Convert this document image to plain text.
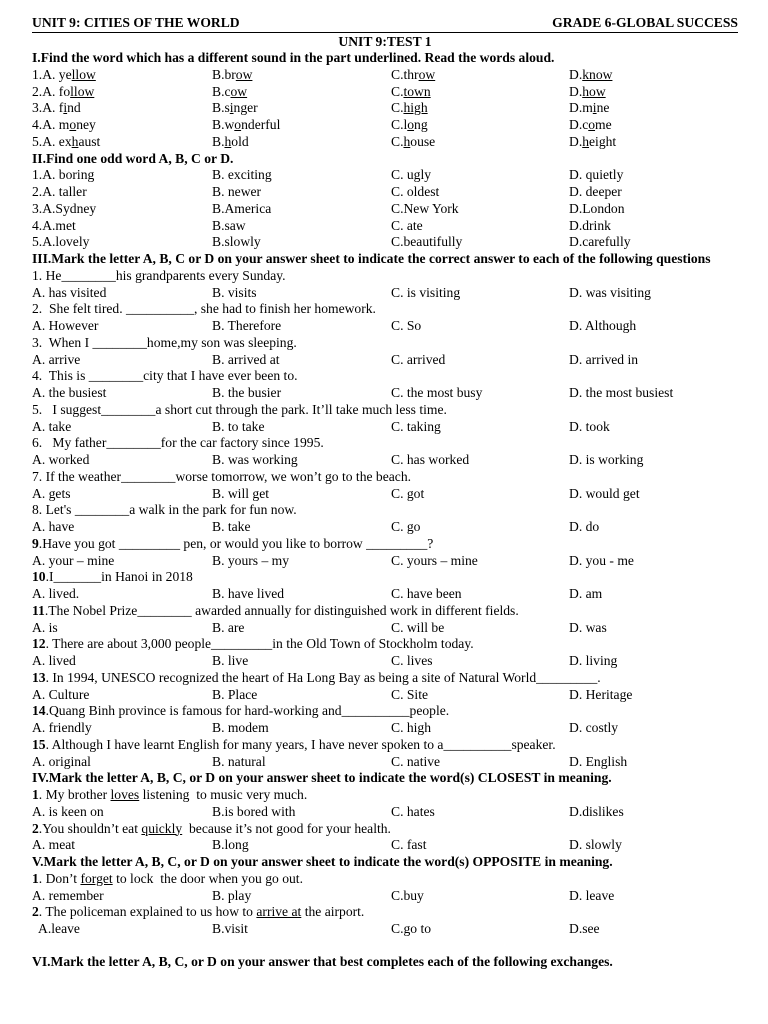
UNIT 9: CITIES OF THE WORLD	GRADE 6-GLOBAL SUCCESS
UNIT 9:TEST 1
I.Find the word which has a different sound in the part underlined. Read the words aloud.
1.A. yellow	B.brow	C.throw	D.know
2.A. follow	B.cow	C.town	D.how
3.A. find	B.singer	C.high	D.mine
4.A. money	B.wonderful	C.long	D.come
5.A. exhaust	B.hold	C.house	D.height
II.Find one odd word A, B, C or D.
1.A. boring	B. exciting	C. ugly	D. quietly
2.A. taller	B. newer	C. oldest	D. deeper
3.A.Sydney	B.America	C.New York	D.London
4.A.met	B.saw	C. ate	D.drink
5.A.lovely	B.slowly	C.beautifully	D.carefully
III.Mark the letter A, B, C or D on your answer sheet to indicate the correct answer to each of the following questions
1. He________his grandparents every Sunday.
A. has visited	B. visits	C. is visiting	D. was visiting
2.  She felt tired. __________, she had to finish her homework.
A. However	B. Therefore	C. So	D. Although
3.  When I ________home,my son was sleeping.
A. arrive	B. arrived at	C. arrived	D. arrived in
4.  This is ________city that I have ever been to.
A. the busiest	B. the busier	C. the most busy	D. the most busiest
5.   I suggest________a short cut through the park. It’ll take much less time.
A. take	B. to take	C. taking	D. took
6.   My father________for the car factory since 1995.
A. worked	B. was working	C. has worked	D. is working
7. If the weather________worse tomorrow, we won’t go to the beach.
A. gets	B. will get	C. got	D. would get
8. Let's ________a walk in the park for fun now.
A. have	B. take	C. go	D. do
9.Have you got _________ pen, or would you like to borrow _________?
A. your – mine	B. yours – my	C. yours – mine	D. you - me
10.I_______in Hanoi in 2018
A. lived.	B. have lived	C. have been	D. am
11.The Nobel Prize________ awarded annually for distinguished work in different fields.
A. is	B. are	C. will be	D. was
12. There are about 3,000 people_________in the Old Town of Stockholm today.
A. lived	B. live	C. lives	D. living
13. In 1994, UNESCO recognized the heart of Ha Long Bay as being a site of Natural World_________.
A. Culture	B. Place	C. Site	D. Heritage
14.Quang Binh province is famous for hard-working and__________people.
A. friendly	B. modem	C. high	D. costly
15. Although I have learnt English for many years, I have never spoken to a__________speaker.
A. original	B. natural	C. native	D. English
IV.Mark the letter A, B, C, or D on your answer sheet to indicate the word(s) CLOSEST in meaning.
1. My brother loves listening  to music very much.
A. is keen on	B.is bored with	C. hates	D.dislikes
2.You shouldn’t eat quickly  because it’s not good for your health.
A. meat	B.long	C. fast	D. slowly
V.Mark the letter A, B, C, or D on your answer sheet to indicate the word(s) OPPOSITE in meaning.
1. Don’t forget to lock  the door when you go out.
A. remember	B. play	C.buy	D. leave
2. The policeman explained to us how to arrive at the airport.
A.leave	B.visit	C.go to	D.see
VI.Mark the letter A, B, C, or D on your answer that best completes each of the following exchanges.
